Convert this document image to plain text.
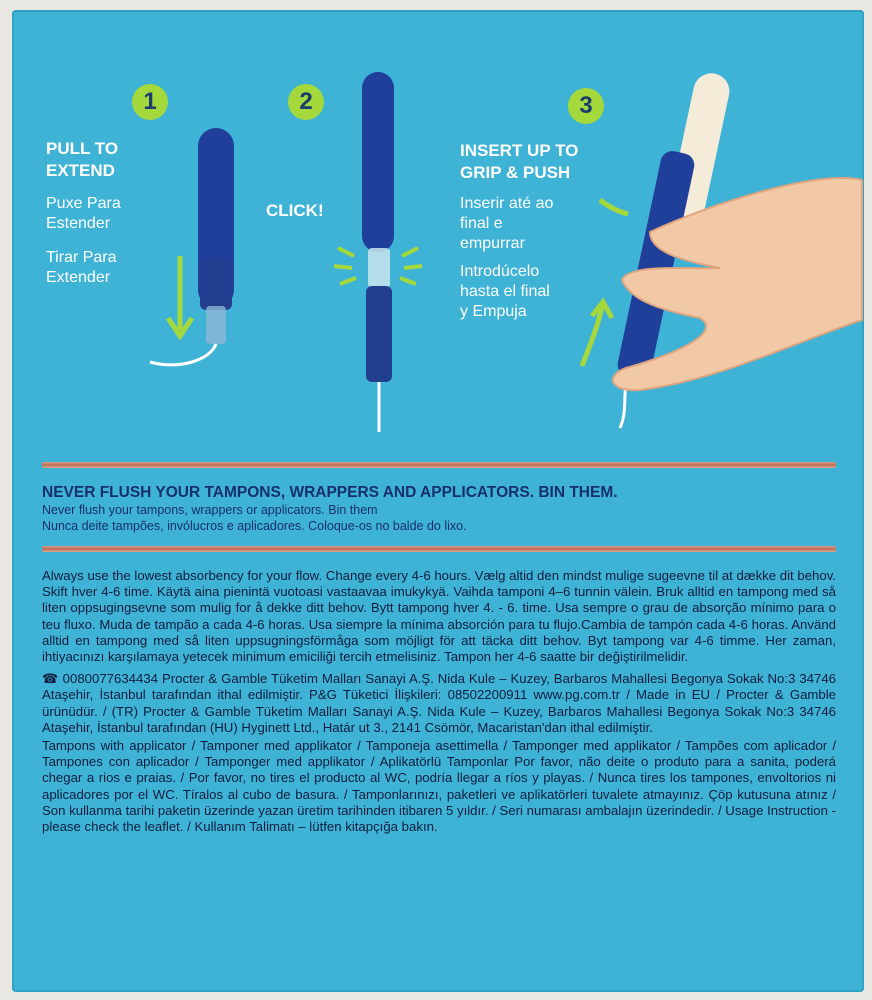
1
PULL TO
EXTEND
Puxe Para
Estender
Tirar Para
Extender
2
CLICK!
3
INSERT UP TO
GRIP & PUSH
Inserir até ao
final e
empurrar
Introdúcelo
hasta el final
y Empuja
NEVER FLUSH YOUR TAMPONS, WRAPPERS AND APPLICATORS. BIN THEM.
Never flush your tampons, wrappers or applicators. Bin them
Nunca deite tampões, invólucros e aplicadores. Coloque-os no balde do lixo.

Always use the lowest absorbency for your flow. Change every 4-6 hours. Vælg altid den mindst mulige sugeevne til at dække dit behov. Skift hver 4-6 time. Käytä aina pienintä vuotoasi vastaavaa imukykyä. Vaihda tamponi 4–6 tunnin välein. Bruk alltid en tampong med så liten oppsugingsevne som mulig for å dekke ditt behov. Bytt tampong hver 4. - 6. time. Usa sempre o grau de absorção mínimo para o teu fluxo. Muda de tampão a cada 4-6 horas. Usa siempre la mínima absorción para tu flujo.Cambia de tampón cada 4-6 horas. Använd alltid en tampong med så liten uppsugningsförmåga som möjligt för att täcka ditt behov. Byt tampong var 4-6 timme. Her zaman, ihtiyacınızı karşılamaya yetecek minimum emiciliği tercih etmelisiniz. Tampon her 4-6 saatte bir değiştirilmelidir.

☎ 0080077634434 Procter & Gamble Tüketim Malları Sanayi A.Ş. Nida Kule – Kuzey, Barbaros Mahallesi Begonya Sokak No:3 34746 Ataşehir, İstanbul tarafından ithal edilmiştir. P&G Tüketici İlişkileri: 08502200911 www.pg.com.tr / Made in EU / Procter & Gamble ürünüdür. / (TR) Procter & Gamble Tüketim Malları Sanayi A.Ş. Nida Kule – Kuzey, Barbaros Mahallesi Begonya Sokak No:3 34746 Ataşehir, İstanbul tarafından (HU) Hyginett Ltd., Határ ut 3., 2141 Csömör, Macaristan'dan ithal edilmiştir.

Tampons with applicator / Tamponer med applikator / Tamponeja asettimella / Tamponger med applikator / Tampões com aplicador / Tampones con aplicador / Tamponger med applikator / Aplikatörlü Tamponlar Por favor, não deite o produto para a sanita, poderá chegar a rios e praias. / Por favor, no tires el producto al WC, podría llegar a ríos y playas. / Nunca tires los tampones, envoltorios ni aplicadores por el WC. Tíralos al cubo de basura. / Tamponlarınızı, paketleri ve aplikatörleri tuvalete atmayınız. Çöp kutusuna atınız / Son kullanma tarihi paketin üzerinde yazan üretim tarihinden itibaren 5 yıldır. / Seri numarası ambalajın üzerindedir. / Usage Instruction - please check the leaflet. / Kullanım Talimatı – lütfen kitapçığa bakın.
